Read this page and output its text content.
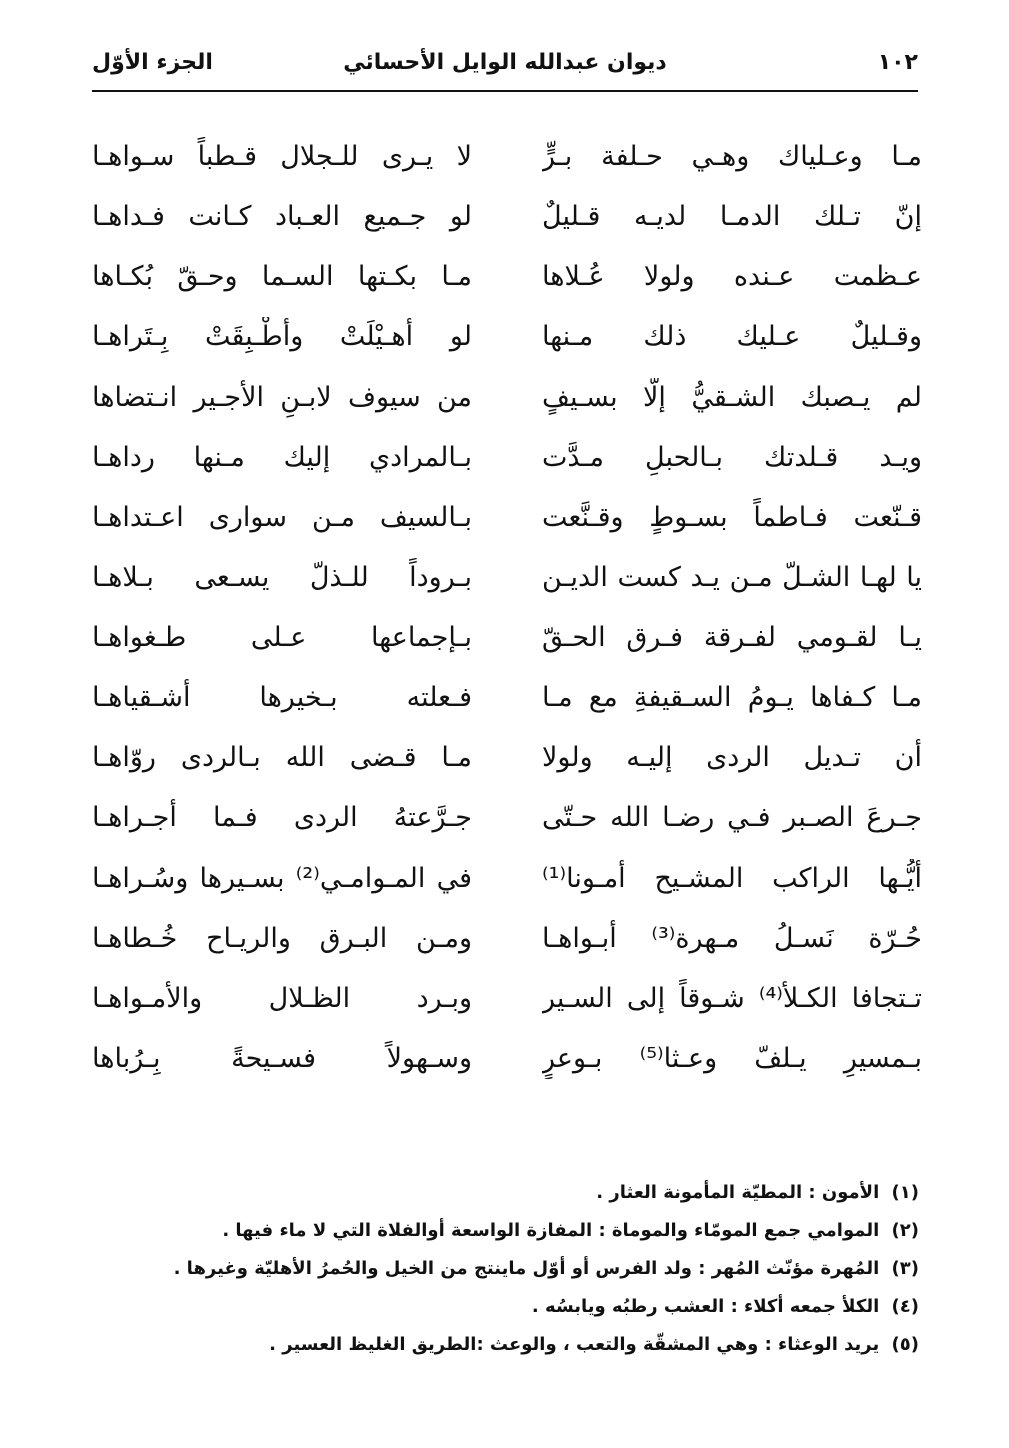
١٠٢
ديوان عبدالله الوايل الأحسائي
الجزء الأوّل
مـا وعـلياك وهـي حـلفة بـرٍّ
لا يـرى للـجلال قـطباً سـواهـا
إنّ تـلك الدمـا لديـه قـليلٌ
لو جـميع العـباد كـانت فـداهـا
عـظمت عـنده ولولا عُـلاها
مـا بكـتها السـما وحـقّ بُكـاها
وقـليلٌ عـليك ذلك مـنها
لو أُهـيْلَتْ وأُطْـبِقَتْ بِـتَراهـا
لم يـصبك الشـقيُّ إلّا بسـيفٍ
من سيوف لابـنِ الأجـير انـتضاها
ويـد قـلدتك بـالحبلِ مـدَّت
بـالمرادي إليك مـنها رداهـا
قـنّعت فـاطماً بسـوطٍ وقـنَّعت
بـالسيف مـن سوارى اعـتداهـا
يا لهـا الشـلّ مـن يـد كست الديـن
بـروداً للـذلّ يسـعى بـلاهـا
يـا لقـومي لفـرقة فـرق الحـقّ
بـإجماعها عـلى طـغواهـا
مـا كـفاها يـومُ السـقيفةِ مع مـا
فـعلته بـخيرها أشـقياهـا
أن تـديل الردى إليـه ولولا
مـا قـضى الله بـالردى روّاهـا
جـرعَ الصـبر فـي رضـا الله حـتّى
جـرَّعتهُ الردى فـما أجـراهـا
أيُّـها الراكب المشـيح أمـونا⁽¹⁾
في المـوامـي⁽²⁾ بسـيرها وسُـراهـا
حُـرّة نَسـلُ مـهرة⁽³⁾ أبـواهـا
ومـن البـرق والريـاح خُـطاهـا
تـتجافا الكـلأ⁽⁴⁾ شـوقاً إلى السـير
وبـرد الظـلال والأمـواهـا
بـمسيرِ يـلفّ وعـثا⁽⁵⁾ بـوعرٍ
وسـهولاً فسـيحةً بِـرُباها
(١) الأمون : المطيّة المأمونة العثار .
(٢) الموامي جمع المومّاء والموماة : المفازة الواسعة أوالفلاة التي لا ماء فيها .
(٣) المُهرة مؤنّث المُهر : ولد الفرس أو أوّل ماينتج من الخيل والحُمرُ الأهليّة وغيرها .
(٤) الكلأ جمعه أكلاء : العشب رطبُه ويابسُه .
(٥) يريد الوعثاء : وهي المشقّة والتعب ، والوعث :الطريق الغليظ العسير .
